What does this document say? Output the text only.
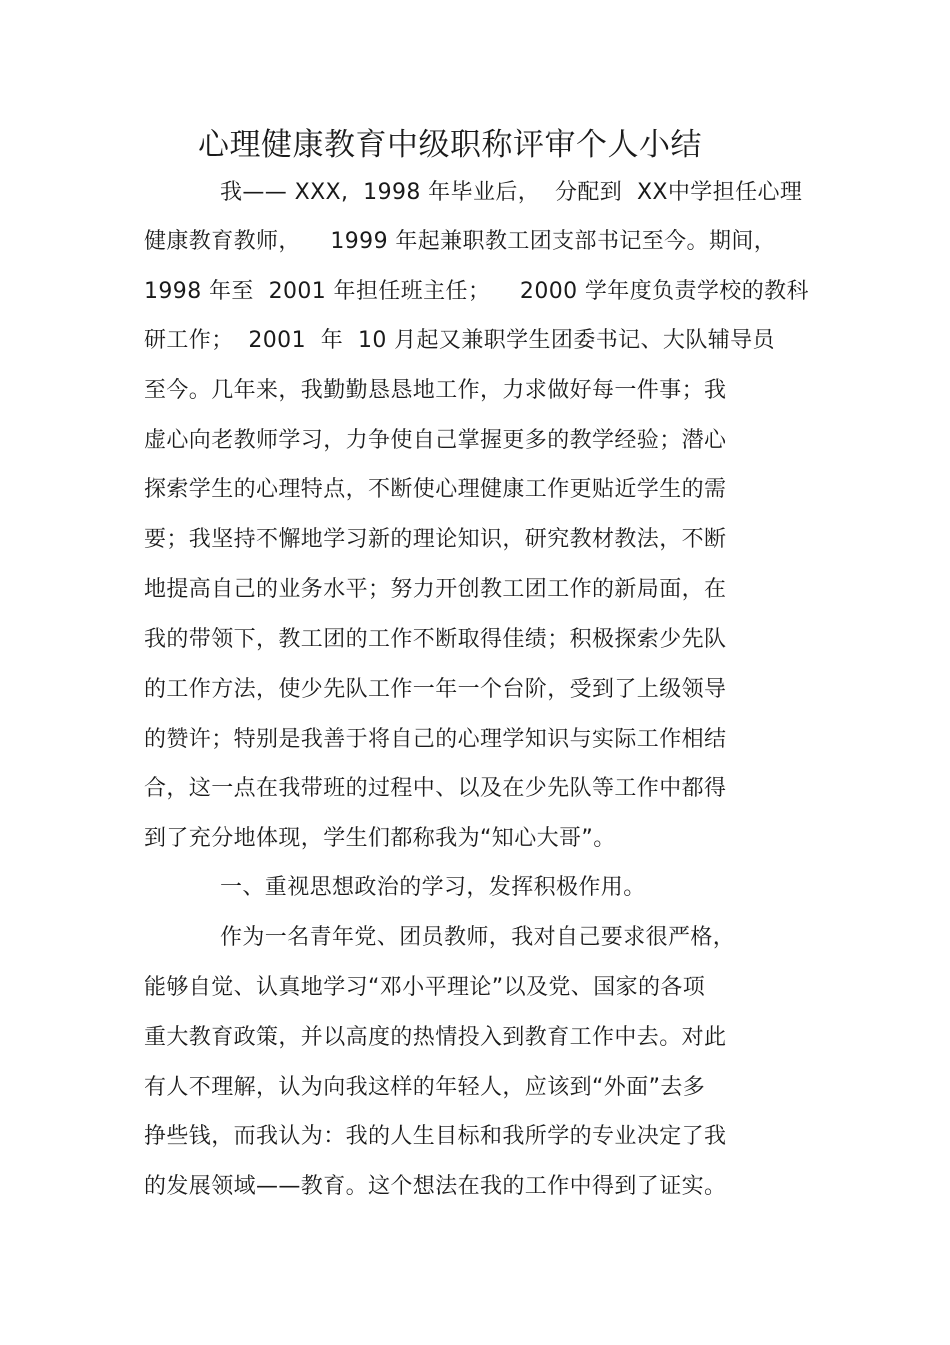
心理健康教育中级职称评审个人小结
我—— XXX,  1998 年毕业后，  分配到  XX中学担任心理
健康教育教师，    1999 年起兼职教工团支部书记至今。期间，
1998 年至  2001 年担任班主任；    2000 学年度负责学校的教科
研工作；  2001  年  10 月起又兼职学生团委书记、大队辅导员
至今。几年来，我勤勤恳恳地工作，力求做好每一件事；我
虚心向老教师学习，力争使自己掌握更多的教学经验；潜心
探索学生的心理特点，不断使心理健康工作更贴近学生的需
要；我坚持不懈地学习新的理论知识，研究教材教法，不断
地提高自己的业务水平；努力开创教工团工作的新局面，在
我的带领下，教工团的工作不断取得佳绩；积极探索少先队
的工作方法，使少先队工作一年一个台阶，受到了上级领导
的赞许；特别是我善于将自己的心理学知识与实际工作相结
合，这一点在我带班的过程中、以及在少先队等工作中都得
到了充分地体现，学生们都称我为“知心大哥”。
一、重视思想政治的学习，发挥积极作用。
作为一名青年党、团员教师，我对自己要求很严格，
能够自觉、认真地学习“邓小平理论”以及党、国家的各项
重大教育政策，并以高度的热情投入到教育工作中去。对此
有人不理解，认为向我这样的年轻人，应该到“外面”去多
挣些钱，而我认为：我的人生目标和我所学的专业决定了我
的发展领域——教育。这个想法在我的工作中得到了证实。
